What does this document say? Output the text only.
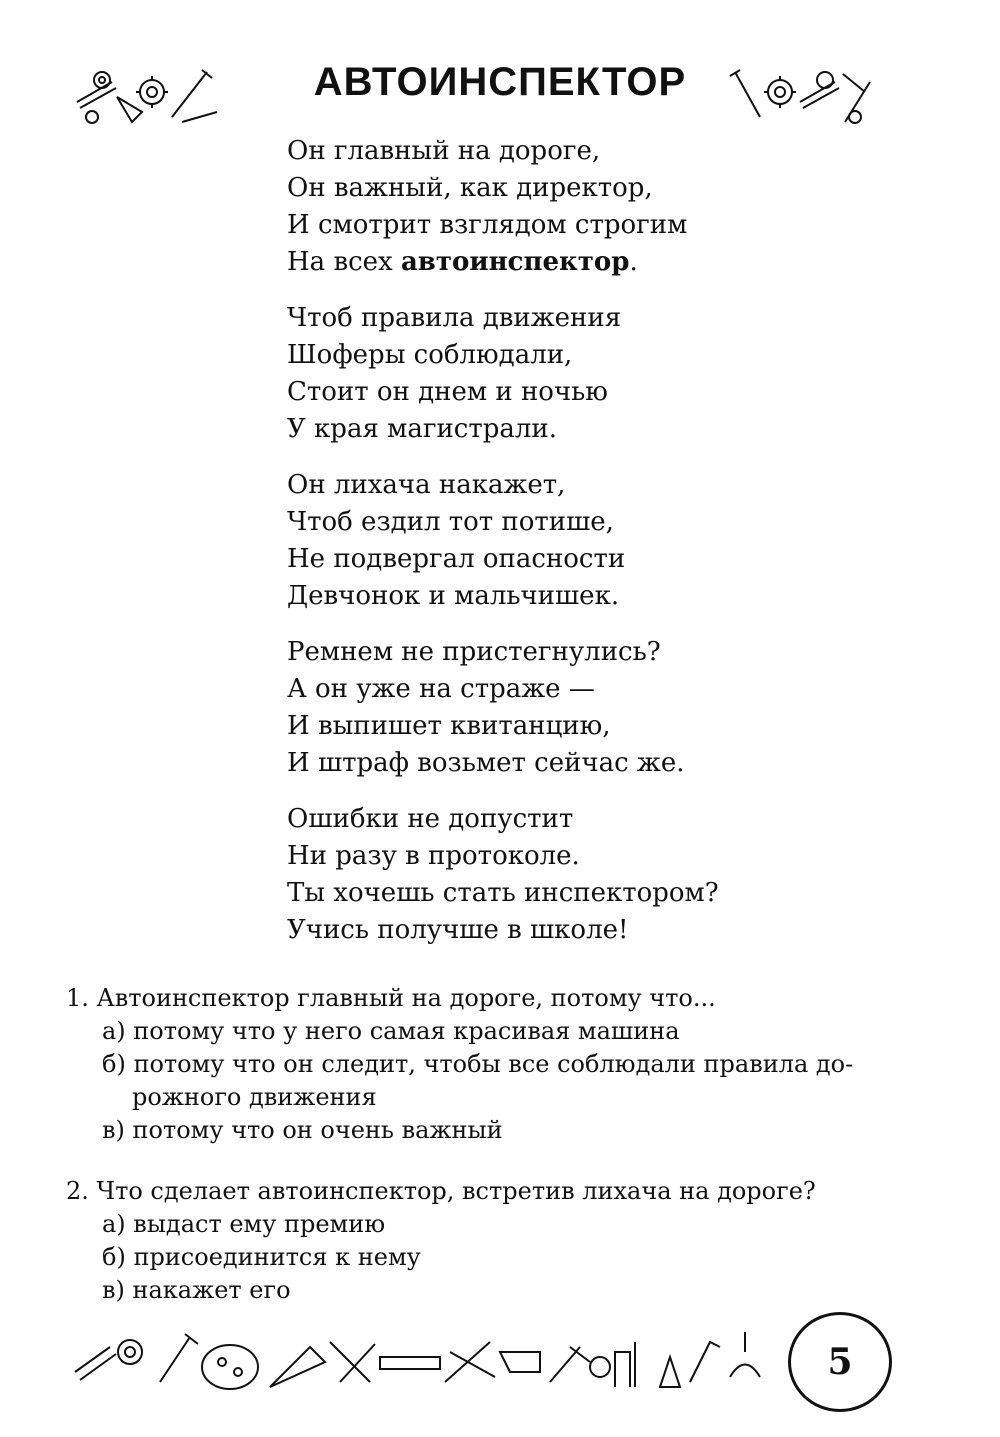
АВТОИНСПЕКТОР
Он главный на дороге,
Он важный, как директор,
И смотрит взглядом строгим
На всех автоинспектор.
Чтоб правила движения
Шоферы соблюдали,
Стоит он днем и ночью
У края магистрали.
Он лихача накажет,
Чтоб ездил тот потише,
Не подвергал опасности
Девчонок и мальчишек.
Ремнем не пристегнулись?
А он уже на страже —
И выпишет квитанцию,
И штраф возьмет сейчас же.
Ошибки не допустит
Ни разу в протоколе.
Ты хочешь стать инспектором?
Учись получше в школе!
1. Автоинспектор главный на дороге, потому что...
а) потому что у него самая красивая машина
б) потому что он следит, чтобы все соблюдали правила до-
рожного движения
в) потому что он очень важный
2. Что сделает автоинспектор, встретив лихача на дороге?
а) выдаст ему премию
б) присоединится к нему
в) накажет его
5
